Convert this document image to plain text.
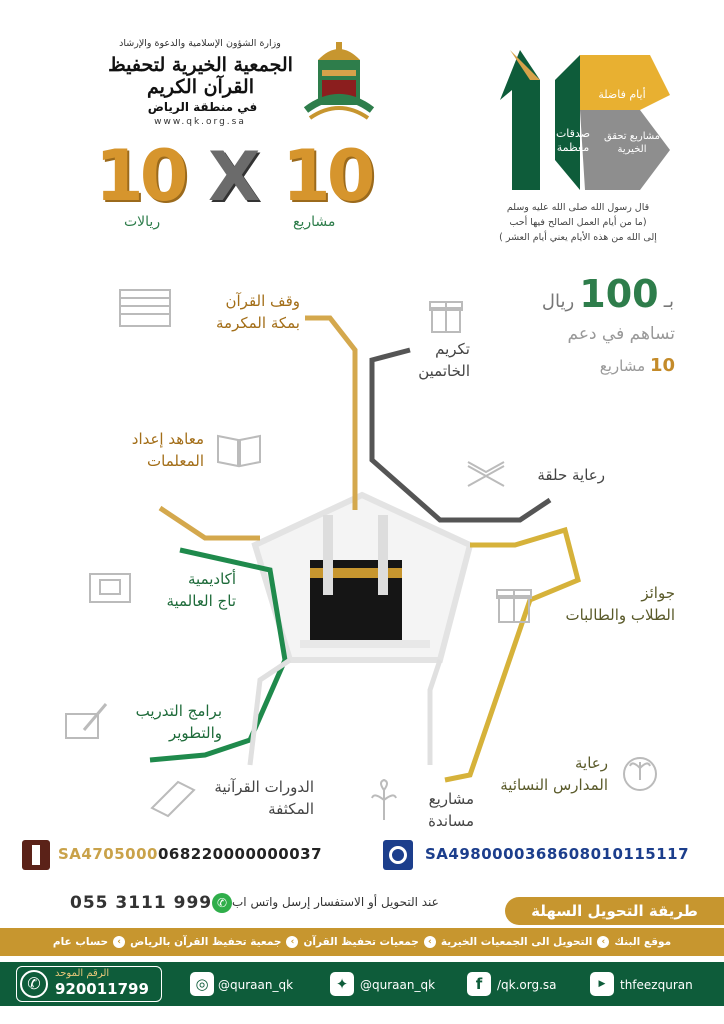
وزارة الشؤون الإسلامية والدعوة والإرشاد
الجمعية الخيرية لتحفيظ القرآن الكريم
في منطقة الرياض
www.qk.org.sa
10 X 10
ريالات	مشاريع
أيام فاضلة
صدقات معظمة
مشاريع تحقق الخيرية
قال رسول الله صلى الله عليه وسلم
(ما من أيام العمل الصالح فيها أحب
إلى الله من هذه الأيام يعني أيام العشر )
بـ 100 ريال
تساهم في دعم
10 مشاريع
وقف القرآن
بمكة المكرمة
تكريم
الخاتمين
معاهد إعداد
المعلمات
رعاية حلقة
أكاديمية
تاج العالمية	جوائز
الطلاب والطالبات
برامج التدريب
والتطوير
رعاية
المدارس النسائية
الدورات القرآنية
المكثفة
مشاريع
مساندة
SA4705000068220000000037	SA4980000368608010115117
055 3111 999 ✆ عند التحويل أو الاستفسار إرسل واتس اب	طريقة التحويل السهلة
موقع البنك
‹
التحويل الى الجمعيات الخيرية
‹
جمعيات تحفيظ القرآن
‹
جمعية تحفيظ القرآن بالرياض
‹
حساب عام
✆
الرقم الموحد
920011799	◎ @quraan_qk	✦ @quraan_qk	f	/qk.org.sa	▶	thfeezquran
